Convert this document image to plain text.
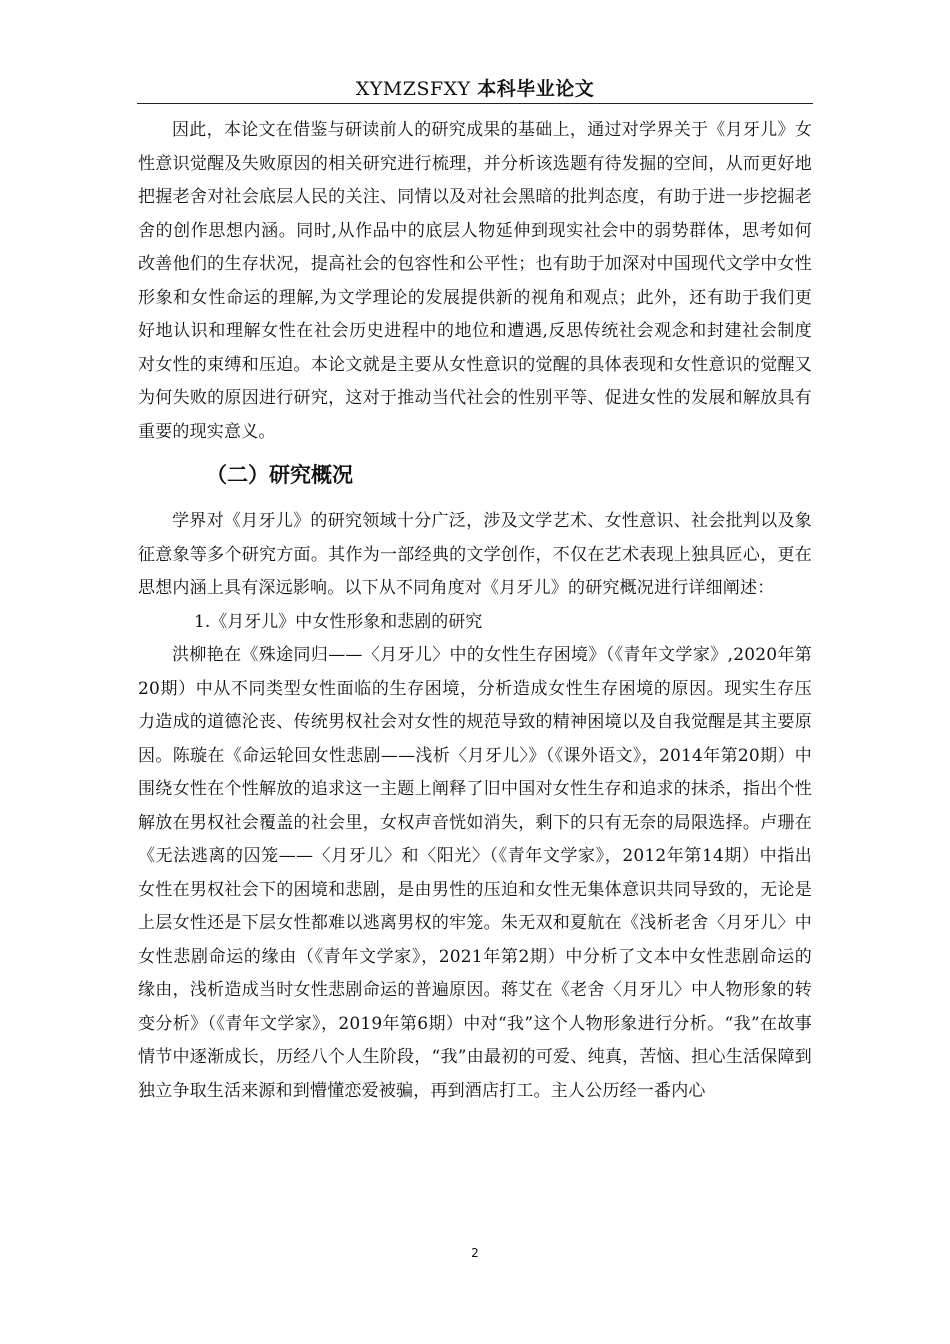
XYMZSFXY 本科毕业论文

因此，本论文在借鉴与研读前人的研究成果的基础上，通过对学界关于《月牙儿》女性意识觉醒及失败原因的相关研究进行梳理，并分析该选题有待发掘的空间，从而更好地把握老舍对社会底层人民的关注、同情以及对社会黑暗的批判态度，有助于进一步挖掘老舍的创作思想内涵。同时,从作品中的底层人物延伸到现实社会中的弱势群体，思考如何改善他们的生存状况，提高社会的包容性和公平性；也有助于加深对中国现代文学中女性形象和女性命运的理解,为文学理论的发展提供新的视角和观点；此外，还有助于我们更好地认识和理解女性在社会历史进程中的地位和遭遇,反思传统社会观念和封建社会制度对女性的束缚和压迫。本论文就是主要从女性意识的觉醒的具体表现和女性意识的觉醒又为何失败的原因进行研究，这对于推动当代社会的性别平等、促进女性的发展和解放具有重要的现实意义。

（二）研究概况

学界对《月牙儿》的研究领域十分广泛，涉及文学艺术、女性意识、社会批判以及象征意象等多个研究方面。其作为一部经典的文学创作，不仅在艺术表现上独具匠心，更在思想内涵上具有深远影响。以下从不同角度对《月牙儿》的研究概况进行详细阐述：

1.《月牙儿》中女性形象和悲剧的研究

洪柳艳在《殊途同归——〈月牙儿〉中的女性生存困境》（《青年文学家》,2020年第20期）中从不同类型女性面临的生存困境，分析造成女性生存困境的原因。现实生存压力造成的道德沦丧、传统男权社会对女性的规范导致的精神困境以及自我觉醒是其主要原因。陈璇在《命运轮回女性悲剧——浅析〈月牙儿〉》（《课外语文》，2014年第20期）中围绕女性在个性解放的追求这一主题上阐释了旧中国对女性生存和追求的抹杀，指出个性解放在男权社会覆盖的社会里，女权声音恍如消失，剩下的只有无奈的局限选择。卢珊在《无法逃离的囚笼——〈月牙儿〉和〈阳光〉（《青年文学家》，2012年第14期）中指出女性在男权社会下的困境和悲剧，是由男性的压迫和女性无集体意识共同导致的，无论是上层女性还是下层女性都难以逃离男权的牢笼。朱无双和夏航在《浅析老舍〈月牙儿〉中女性悲剧命运的缘由（《青年文学家》，2021年第2期）中分析了文本中女性悲剧命运的缘由，浅析造成当时女性悲剧命运的普遍原因。蒋艾在《老舍〈月牙儿〉中人物形象的转变分析》（《青年文学家》，2019年第6期）中对“我”这个人物形象进行分析。“我”在故事情节中逐渐成长，历经八个人生阶段，“我”由最初的可爱、纯真，苦恼、担心生活保障到独立争取生活来源和到懵懂恋爱被骗，再到酒店打工。主人公历经一番内心

2
